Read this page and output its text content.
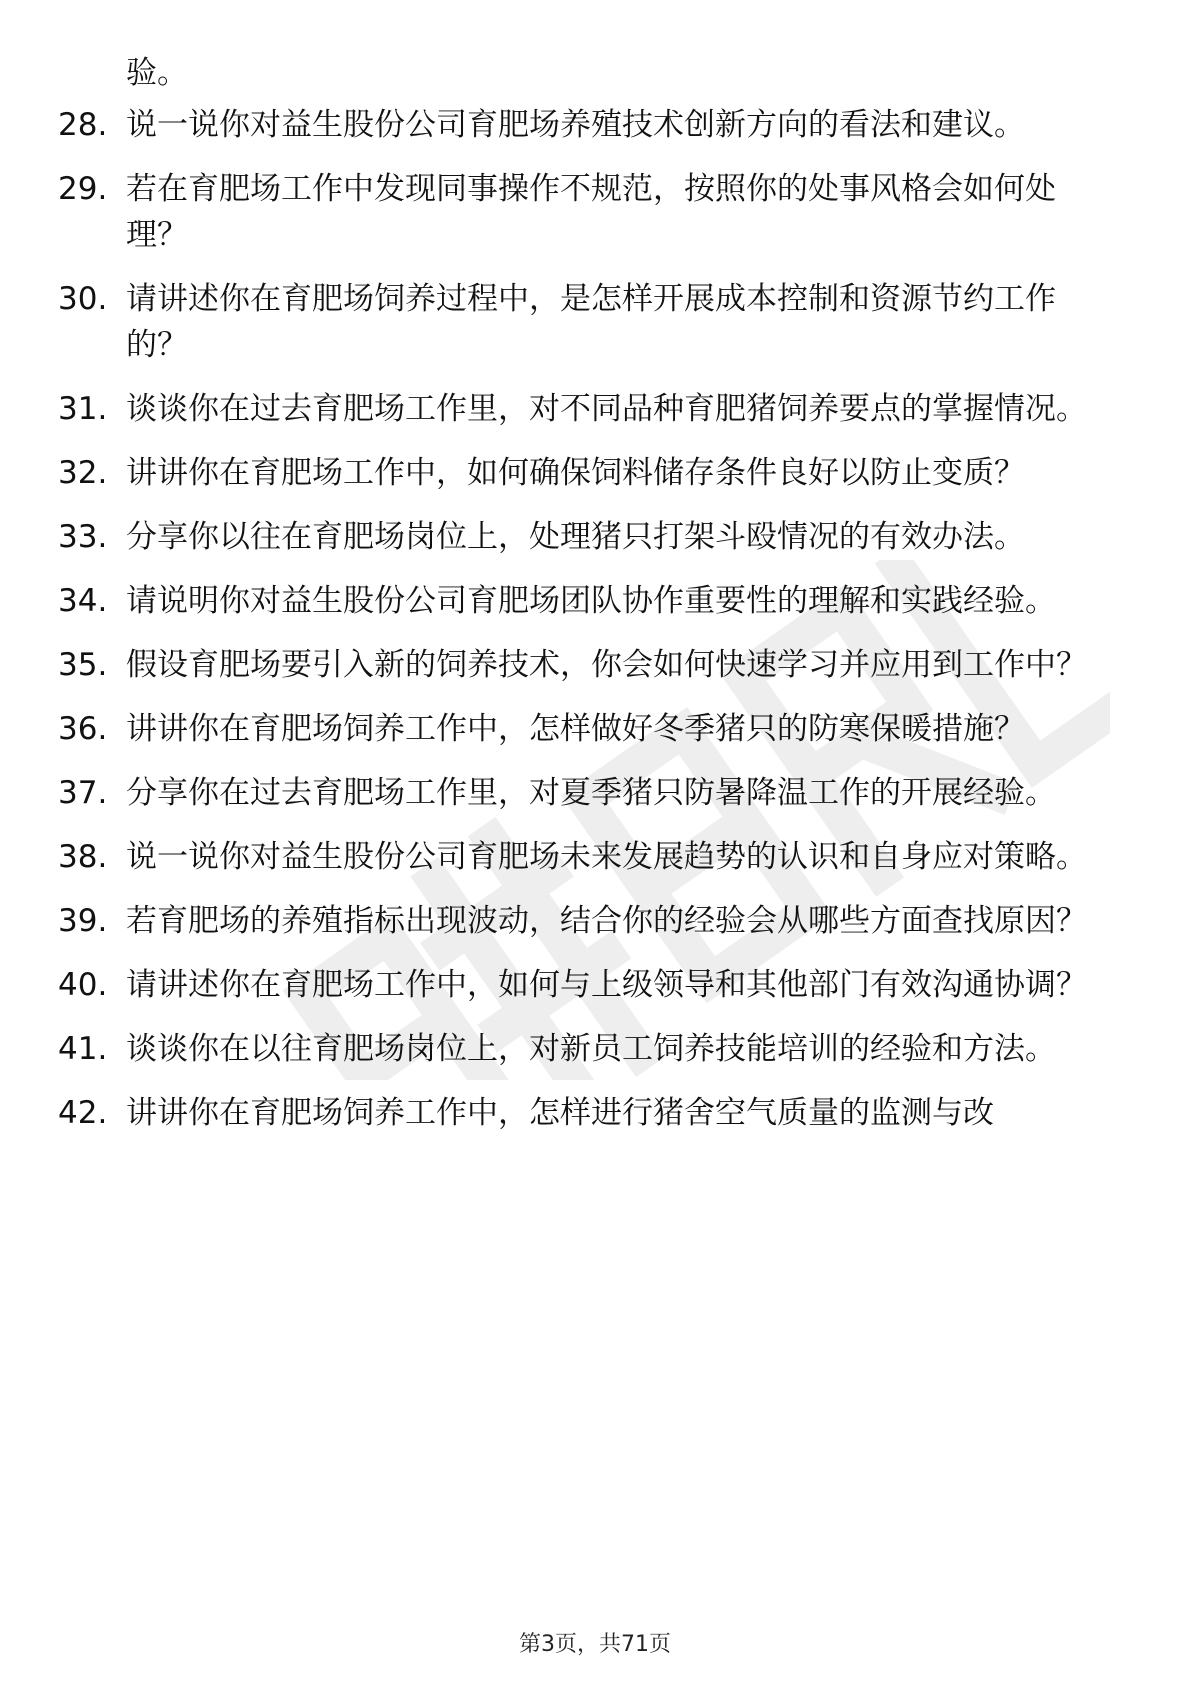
验。
28. 说一说你对益生股份公司育肥场养殖技术创新方向的看法和建议。
29. 若在育肥场工作中发现同事操作不规范，按照你的处事风格会如何处理？
30. 请讲述你在育肥场饲养过程中，是怎样开展成本控制和资源节约工作的？
31. 谈谈你在过去育肥场工作里，对不同品种育肥猪饲养要点的掌握情况。
32. 讲讲你在育肥场工作中，如何确保饲料储存条件良好以防止变质？
33. 分享你以往在育肥场岗位上，处理猪只打架斗殴情况的有效办法。
34. 请说明你对益生股份公司育肥场团队协作重要性的理解和实践经验。
35. 假设育肥场要引入新的饲养技术，你会如何快速学习并应用到工作中？
36. 讲讲你在育肥场饲养工作中，怎样做好冬季猪只的防寒保暖措施？
37. 分享你在过去育肥场工作里，对夏季猪只防暑降温工作的开展经验。
38. 说一说你对益生股份公司育肥场未来发展趋势的认识和自身应对策略。
39. 若育肥场的养殖指标出现波动，结合你的经验会从哪些方面查找原因？
40. 请讲述你在育肥场工作中，如何与上级领导和其他部门有效沟通协调？
41. 谈谈你在以往育肥场岗位上，对新员工饲养技能培训的经验和方法。
42. 讲讲你在育肥场饲养工作中，怎样进行猪舍空气质量的监测与改
第3页，共71页
